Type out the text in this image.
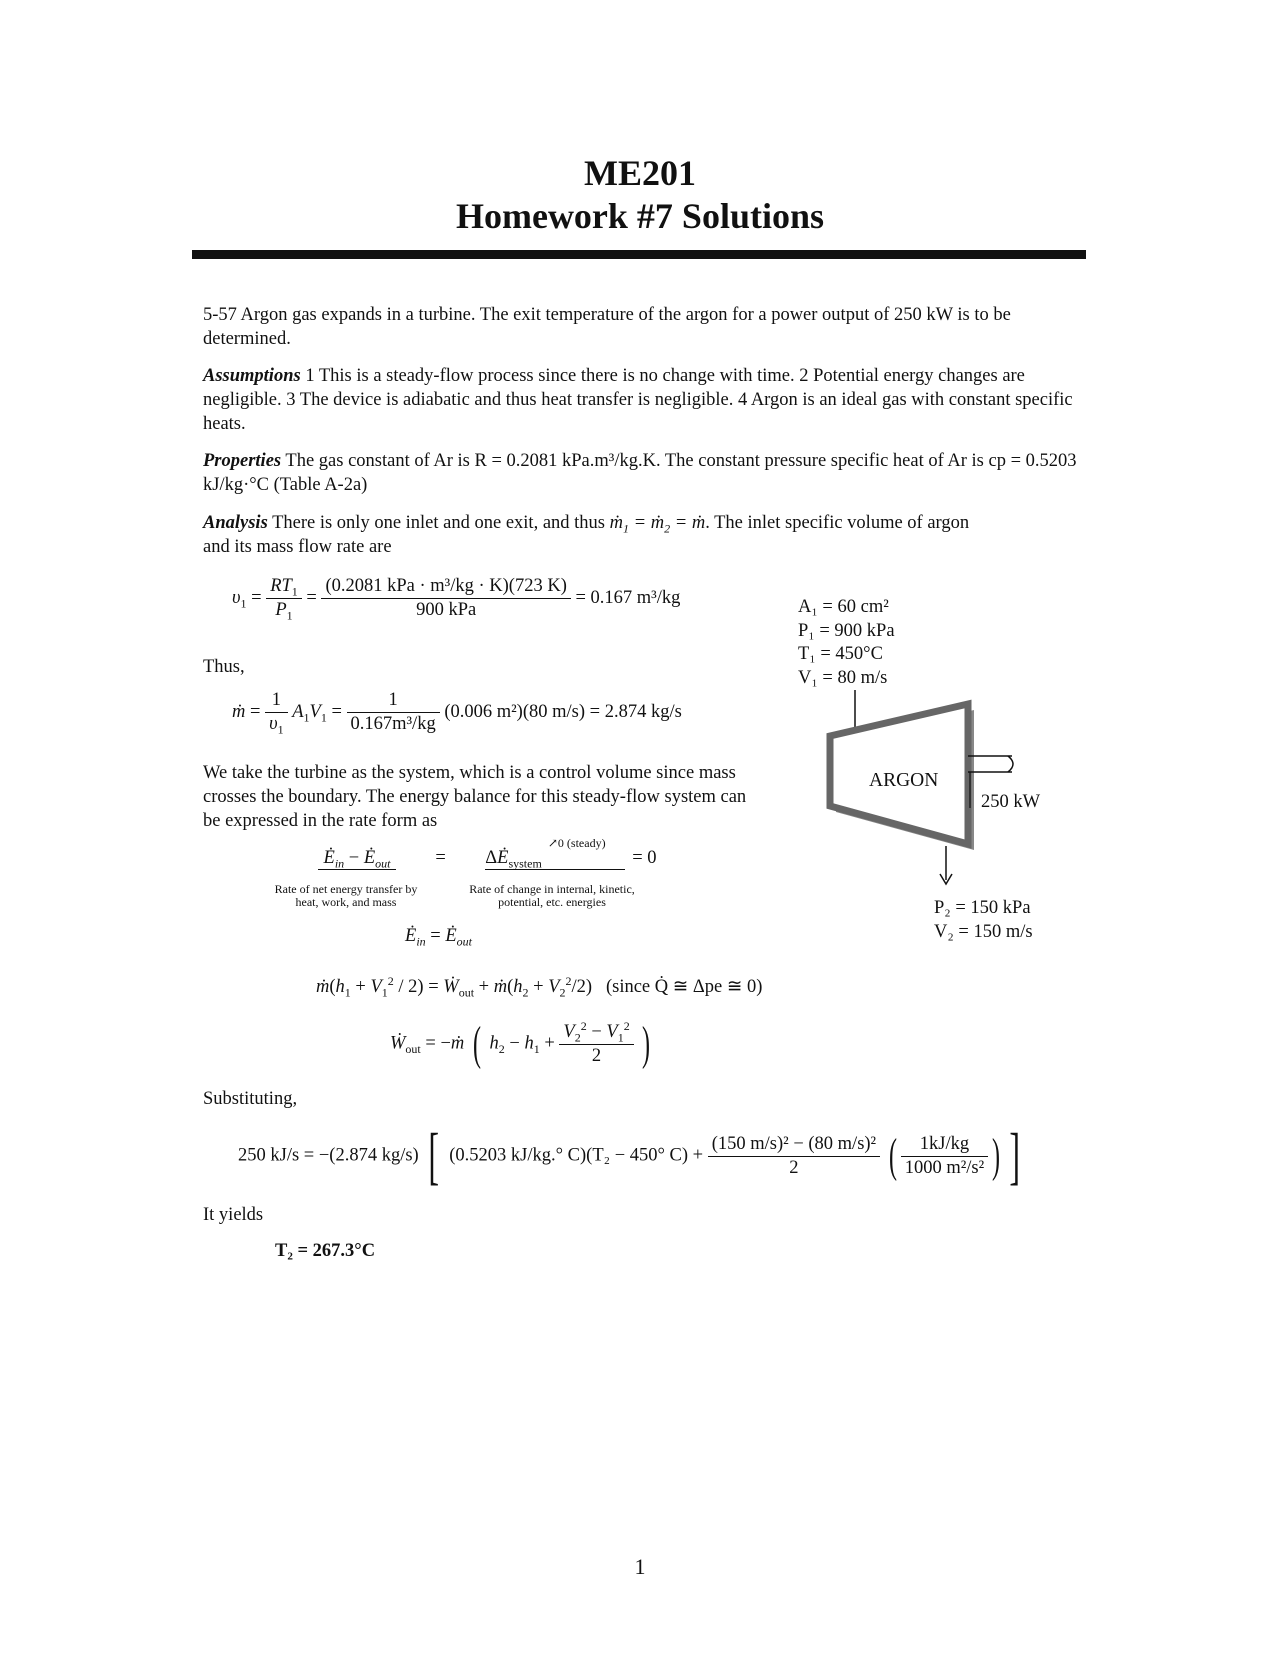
ME201
Homework #7 Solutions
5-57 Argon gas expands in a turbine. The exit temperature of the argon for a power output of 250 kW is to be determined.
Assumptions 1 This is a steady-flow process since there is no change with time. 2 Potential energy changes are negligible. 3 The device is adiabatic and thus heat transfer is negligible. 4 Argon is an ideal gas with constant specific heats.
Properties The gas constant of Ar is R = 0.2081 kPa.m³/kg.K. The constant pressure specific heat of Ar is cp = 0.5203 kJ/kg·°C (Table A-2a)
Analysis There is only one inlet and one exit, and thus ṁ$_1$ = ṁ$_2$ = ṁ. The inlet specific volume of argon
and its mass flow rate are
$\upsilon_1 = \frac{RT_1}{P_1} = \frac{\text{(0.2081 kPa · m³/kg · K)(723 K)}}{\text{900 kPa}} = 0.167$ m³/kg
Thus,
ṁ = $\frac{1}{\upsilon_1} A_1V_1 = \frac{1}{\text{0.167m³/kg}} (0.006$ m²)(80 m/s) = 2.874 kg/s
We take the turbine as the system, which is a control volume since mass crosses the boundary. The energy balance for this steady-flow system can be expressed in the rate form as
$Ė_{in}$ − $Ė_{out}$ = $\Delta Ė_{system}$ $^{↗0 (steady)}$ = 0
Rate of net energy transfer by heat, work, and mass
Rate of change in internal, kinetic, potential, etc. energies
$Ė_{in}$ = $Ė_{out}$
$ṁ(h_1 + V_1^2 / 2)$ = Ẇ$_{out}$ + $ṁ(h_2 + V_2^2/2)$   (since Q̇ ≅ Δpe ≅ 0)
Ẇ$_{out}$ = −ṁ ( $h_2 - h_1 + \frac{V_2^2 - V_1^2}{2}$ )
Substituting,
250 kJ/s = −(2.874 kg/s) [ (0.5203 kJ/kg.° C)(T₂ − 450° $C) + \frac{\text{(150 m/s)² − (80 m/s)²}}{2}$ ( $\frac{1kJ/kg}{\text{1000 m²/s²}}$ ) ]
It yields
T₂ = 267.3°C
A₁ = 60 cm²
P₁ = 900 kPa
T₁ = 450°C
V₁ = 80 m/s
ARGON
250 kW
P₂ = 150 kPa
V₂ = 150 m/s
1
